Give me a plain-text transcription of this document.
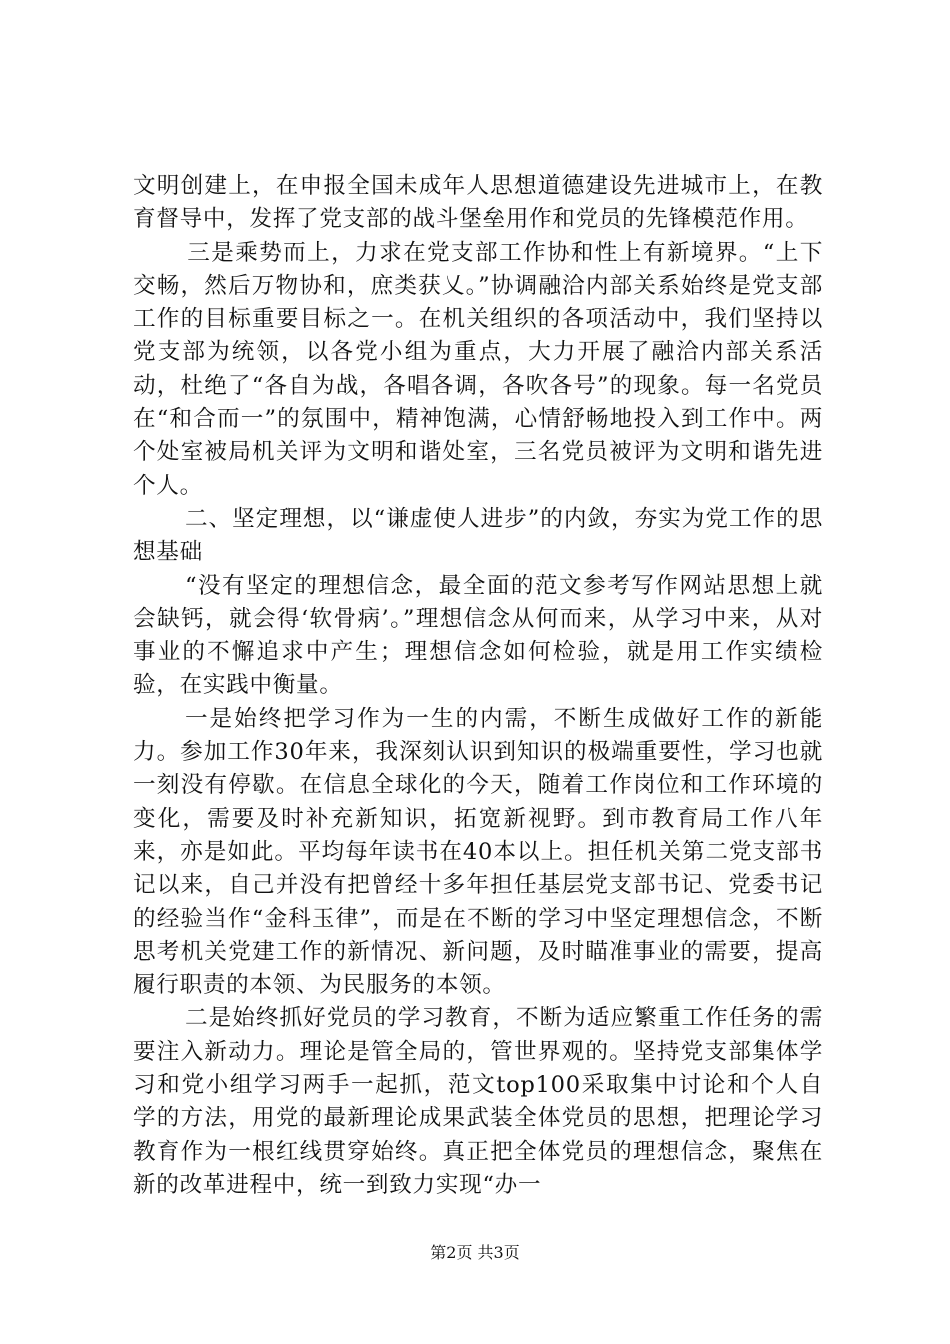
文明创建上，在申报全国未成年人思想道德建设先进城市上，在教育督导中，发挥了党支部的战斗堡垒用作和党员的先锋模范作用。

三是乘势而上，力求在党支部工作协和性上有新境界。“上下交畅，然后万物协和，庶类获乂。”协调融洽内部关系始终是党支部工作的目标重要目标之一。在机关组织的各项活动中，我们坚持以党支部为统领，以各党小组为重点，大力开展了融洽内部关系活动，杜绝了“各自为战，各唱各调，各吹各号”的现象。每一名党员在“和合而一”的氛围中，精神饱满，心情舒畅地投入到工作中。两个处室被局机关评为文明和谐处室，三名党员被评为文明和谐先进个人。

二、坚定理想，以“谦虚使人进步”的内敛，夯实为党工作的思想基础

“没有坚定的理想信念，最全面的范文参考写作网站思想上就会缺钙，就会得‘软骨病’。”理想信念从何而来，从学习中来，从对事业的不懈追求中产生；理想信念如何检验，就是用工作实绩检验，在实践中衡量。

一是始终把学习作为一生的内需，不断生成做好工作的新能力。参加工作30年来，我深刻认识到知识的极端重要性，学习也就一刻没有停歇。在信息全球化的今天，随着工作岗位和工作环境的变化，需要及时补充新知识，拓宽新视野。到市教育局工作八年来，亦是如此。平均每年读书在40本以上。担任机关第二党支部书记以来，自己并没有把曾经十多年担任基层党支部书记、党委书记的经验当作“金科玉律”，而是在不断的学习中坚定理想信念，不断思考机关党建工作的新情况、新问题，及时瞄准事业的需要，提高履行职责的本领、为民服务的本领。

二是始终抓好党员的学习教育，不断为适应繁重工作任务的需要注入新动力。理论是管全局的，管世界观的。坚持党支部集体学习和党小组学习两手一起抓，范文top100采取集中讨论和个人自学的方法，用党的最新理论成果武装全体党员的思想，把理论学习教育作为一根红线贯穿始终。真正把全体党员的理想信念，聚焦在新的改革进程中，统一到致力实现“办一

第2页 共3页
